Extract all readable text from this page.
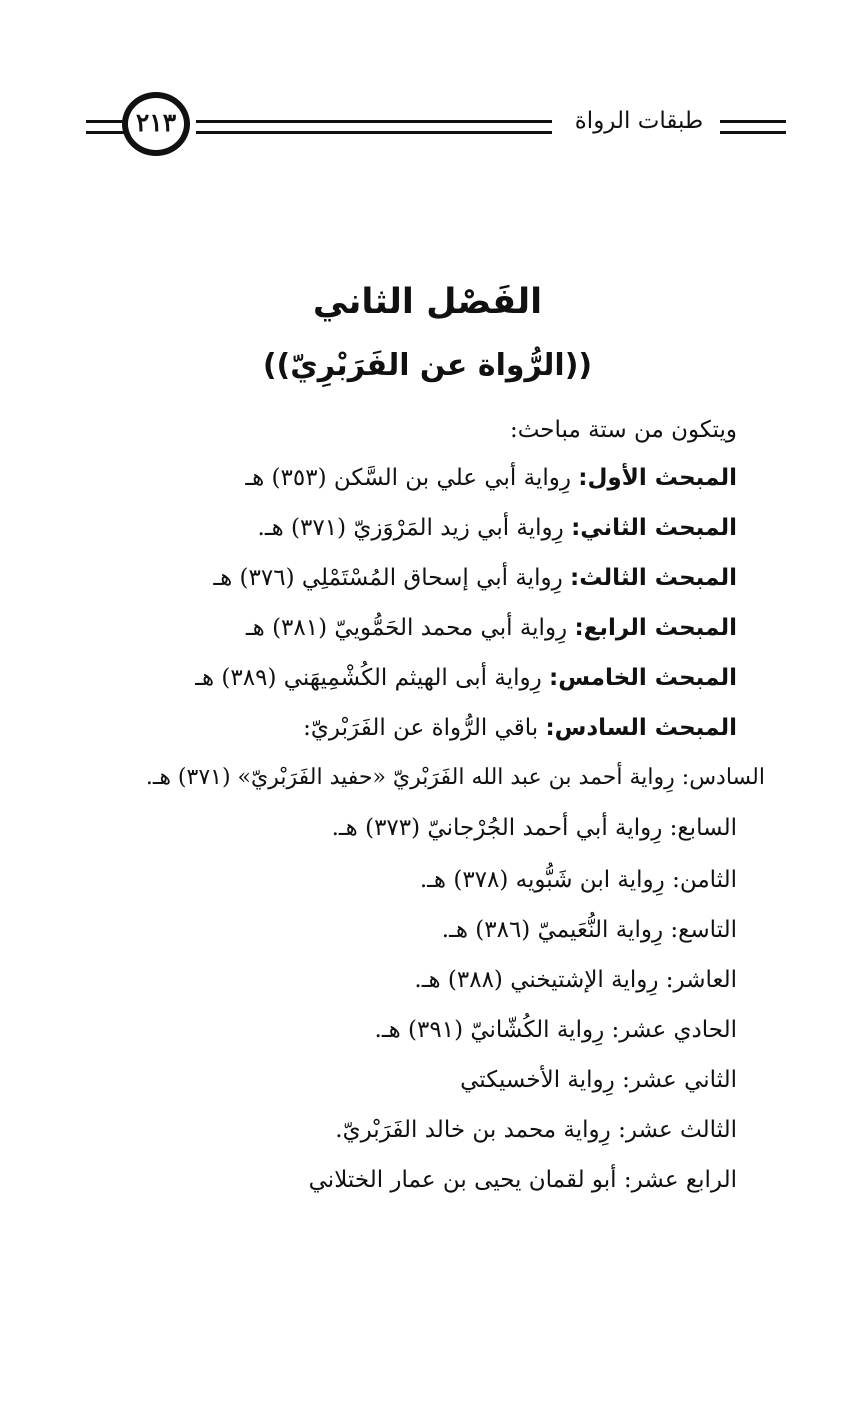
٢١٣	طبقات الرواة
الفَصْل الثاني
((الرُّواة عن الفَرَبْرِيّ))
ويتكون من ستة مباحث:
المبحث الأول: رِواية أبي علي بن السَّكن (٣٥٣) هـ
المبحث الثاني: رِواية أبي زيد المَرْوَزيّ (٣٧١) هـ.
المبحث الثالث: رِواية أبي إسحاق المُسْتَمْلِي (٣٧٦) هـ
المبحث الرابع: رِواية أبي محمد الحَمُّوييّ (٣٨١) هـ
المبحث الخامس: رِواية أبى الهيثم الكُشْمِيهَني (٣٨٩) هـ
المبحث السادس: باقي الرُّواة عن الفَرَبْريّ:
السادس: رِواية أحمد بن عبد الله الفَرَبْريّ «حفيد الفَرَبْريّ» (٣٧١) هـ.
السابع: رِواية أبي أحمد الجُرْجانيّ (٣٧٣) هـ.
الثامن: رِواية ابن شَبُّويه (٣٧٨) هـ.
التاسع: رِواية النُّعَيميّ (٣٨٦) هـ.
العاشر: رِواية الإشتيخني (٣٨٨) هـ.
الحادي عشر: رِواية الكُشّانيّ (٣٩١) هـ.
الثاني عشر: رِواية الأخسيكتي
الثالث عشر: رِواية محمد بن خالد الفَرَبْريّ.
الرابع عشر: أبو لقمان يحيى بن عمار الختلاني
